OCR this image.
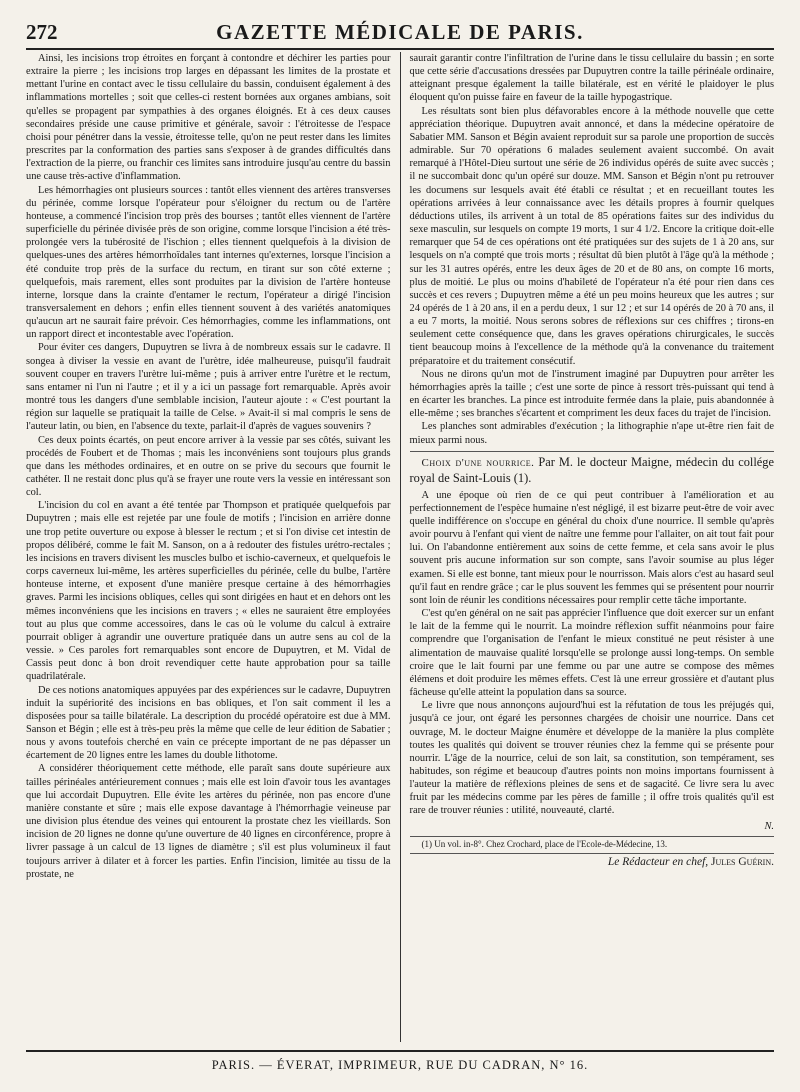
272	GAZETTE MÉDICALE DE PARIS.

Ainsi, les incisions trop étroites en forçant à contondre et déchirer les parties pour extraire la pierre ; les incisions trop larges en dépassant les limites de la prostate et mettant l'urine en contact avec le tissu cellulaire du bassin, conduisent également à des inflammations mortelles ; soit que celles-ci restent bornées aux organes ambians, soit qu'elles se propagent par sympathies à des organes éloignés. Et à ces deux causes secondaires préside une cause primitive et générale, savoir : l'étroitesse de l'espace choisi pour pénétrer dans la vessie, étroitesse telle, qu'on ne peut rester dans les limites prescrites par la conformation des parties sans s'exposer à de grandes difficultés dans l'extraction de la pierre, ou franchir ces limites sans introduire jusqu'au centre du bassin une cause très-active d'inflammation.

Les hémorrhagies ont plusieurs sources : tantôt elles viennent des artères transverses du périnée, comme lorsque l'opérateur pour s'éloigner du rectum ou de l'artère honteuse, a commencé l'incision trop près des bourses ; tantôt elles viennent de l'artère superficielle du périnée divisée près de son origine, comme lorsque l'incision a été très-prolongée vers la tubérosité de l'ischion ; elles tiennent quelquefois à la division de quelques-unes des artères hémorrhoïdales tant internes qu'externes, lorsque l'incision a été conduite trop près de la surface du rectum, en tirant sur son côté externe ; quelquefois, mais rarement, elles sont produites par la division de l'artère honteuse interne, lorsque dans la crainte d'entamer le rectum, l'opérateur a dirigé l'incision transversalement en dehors ; enfin elles tiennent souvent à des variétés anatomiques qu'aucun art ne saurait faire prévoir. Ces hémorrhagies, comme les inflammations, ont un rapport direct et incontestable avec l'opération.

Pour éviter ces dangers, Dupuytren se livra à de nombreux essais sur le cadavre. Il songea à diviser la vessie en avant de l'urètre, idée malheureuse, puisqu'il faudrait souvent couper en travers l'urètre lui-même ; puis à arriver entre l'urètre et le rectum, sans entamer ni l'un ni l'autre ; et il y a ici un passage fort remarquable. Après avoir montré tous les dangers d'une semblable incision, l'auteur ajoute : « C'est pourtant la région sur laquelle se pratiquait la taille de Celse. » Avait-il si mal compris le sens de l'auteur latin, ou bien, en l'absence du texte, parlait-il d'après de vagues souvenirs ?

Ces deux points écartés, on peut encore arriver à la vessie par ses côtés, suivant les procédés de Foubert et de Thomas ; mais les inconvéniens sont toujours plus grands que dans les méthodes ordinaires, et en outre on se prive du secours que fournit le cathéter. Il ne restait donc plus qu'à se frayer une route vers la vessie en intéressant son col.

L'incision du col en avant a été tentée par Thompson et pratiquée quelquefois par Dupuytren ; mais elle est rejetée par une foule de motifs ; l'incision en arrière donne une trop petite ouverture ou expose à blesser le rectum ; et si l'on divise cet intestin de propos délibéré, comme le fait M. Sanson, on a à redouter des fistules urétro-rectales ; les incisions en travers divisent les muscles bulbo et ischio-caverneux, et quelquefois le corps caverneux lui-même, les artères superficielles du périnée, celle du bulbe, l'artère honteuse interne, et exposent d'une manière presque certaine à des hémorrhagies graves. Parmi les incisions obliques, celles qui sont dirigées en haut et en dehors ont les mêmes inconvéniens que les incisions en travers ; « elles ne sauraient être employées tout au plus que comme accessoires, dans le cas où le volume du calcul à extraire pourrait obliger à agrandir une ouverture pratiquée dans un autre sens au col de la vessie. » Ces paroles fort remarquables sont encore de Dupuytren, et M. Vidal de Cassis peut donc à bon droit revendiquer cette haute approbation pour sa taille quadrilatérale.

De ces notions anatomiques appuyées par des expériences sur le cadavre, Dupuytren induit la supériorité des incisions en bas obliques, et l'on sait comment il les a disposées pour sa taille bilatérale. La description du procédé opératoire est due à MM. Sanson et Bégin ; elle est à très-peu près la même que celle de leur édition de Sabatier ; nous y avons toutefois cherché en vain ce précepte important de ne pas dépasser un écartement de 20 lignes entre les lames du double lithotome.

A considérer théoriquement cette méthode, elle paraît sans doute supérieure aux tailles périnéales antérieurement connues ; mais elle est loin d'avoir tous les avantages que lui accordait Dupuytren. Elle évite les artères du périnée, non pas encore d'une manière constante et sûre ; mais elle expose davantage à l'hémorrhagie veineuse par une division plus étendue des veines qui entourent la prostate chez les vieillards. Son incision de 20 lignes ne donne qu'une ouverture de 40 lignes en circonférence, propre à livrer passage à un calcul de 13 lignes de diamètre ; s'il est plus volumineux il faut toujours arriver à dilater et à forcer les parties. Enfin l'incision, limitée au tissu de la prostate, ne

saurait garantir contre l'infiltration de l'urine dans le tissu cellulaire du bassin ; en sorte que cette série d'accusations dressées par Dupuytren contre la taille périnéale ordinaire, atteignant presque également la taille bilatérale, est en vérité le plaidoyer le plus éloquent qu'on puisse faire en faveur de la taille hypogastrique.

Les résultats sont bien plus défavorables encore à la méthode nouvelle que cette appréciation théorique. Dupuytren avait annoncé, et dans la médecine opératoire de Sabatier MM. Sanson et Bégin avaient reproduit sur sa parole une proportion de succès admirable. Sur 70 opérations 6 malades seulement avaient succombé. On avait remarqué à l'Hôtel-Dieu surtout une série de 26 individus opérés de suite avec succès ; il ne succombait donc qu'un opéré sur douze. MM. Sanson et Bégin n'ont pu retrouver les documens sur lesquels avait été établi ce résultat ; et en recueillant toutes les opérations arrivées à leur connaissance avec les détails propres à fournir quelques déductions utiles, ils arrivent à un total de 85 opérations faites sur des individus du sexe masculin, sur lesquels on compte 19 morts, 1 sur 4 1/2. Encore la critique doit-elle remarquer que 54 de ces opérations ont été pratiquées sur des sujets de 1 à 20 ans, sur lesquels on n'a compté que trois morts ; résultat dû bien plutôt à l'âge qu'à la méthode ; sur les 31 autres opérés, entre les deux âges de 20 et de 80 ans, on compte 16 morts, plus de moitié. Le plus ou moins d'habileté de l'opérateur n'a été pour rien dans ces succès et ces revers ; Dupuytren même a été un peu moins heureux que les autres ; sur 24 opérés de 1 à 20 ans, il en a perdu deux, 1 sur 12 ; et sur 14 opérés de 20 à 70 ans, il a eu 7 morts, la moitié. Nous serons sobres de réflexions sur ces chiffres ; tirons-en seulement cette conséquence que, dans les graves opérations chirurgicales, le succès tient beaucoup moins à l'excellence de la méthode qu'à la convenance du traitement préparatoire et du traitement consécutif.

Nous ne dirons qu'un mot de l'instrument imaginé par Dupuytren pour arrêter les hémorrhagies après la taille ; c'est une sorte de pince à ressort très-puissant qui tend à en écarter les branches. La pince est introduite fermée dans la plaie, puis abandonnée à elle-même ; ses branches s'écartent et compriment les deux faces du trajet de l'incision.

Les planches sont admirables d'exécution ; la lithographie n'ape ut-être rien fait de mieux parmi nous.

Choix d'une nourrice. Par M. le docteur Maigne, médecin du collége royal de Saint-Louis (1).

A une époque où rien de ce qui peut contribuer à l'amélioration et au perfectionnement de l'espèce humaine n'est négligé, il est bizarre peut-être de voir avec quelle indifférence on s'occupe en général du choix d'une nourrice. Il semble qu'après avoir pourvu à l'enfant qui vient de naître une femme pour l'allaiter, on ait tout fait pour lui. On l'abandonne entièrement aux soins de cette femme, et cela sans avoir le plus souvent pris aucune information sur son compte, sans l'avoir soumise au plus léger examen. Si elle est bonne, tant mieux pour le nourrisson. Mais alors c'est au hasard seul qu'il faut en rendre grâce ; car le plus souvent les femmes qui se présentent pour nourrir sont loin de réunir les conditions nécessaires pour remplir cette tâche importante.

C'est qu'en général on ne sait pas apprécier l'influence que doit exercer sur un enfant le lait de la femme qui le nourrit. La moindre réflexion suffit néanmoins pour faire comprendre que l'organisation de l'enfant le mieux constitué ne peut résister à une alimentation de mauvaise qualité lorsqu'elle se prolonge aussi long-temps. On semble croire que le lait fourni par une femme ou par une autre se compose des mêmes élémens et doit produire les mêmes effets. C'est là une erreur grossière et d'autant plus fâcheuse qu'elle atteint la population dans sa source.

Le livre que nous annonçons aujourd'hui est la réfutation de tous les préjugés qui, jusqu'à ce jour, ont égaré les personnes chargées de choisir une nourrice. Dans cet ouvrage, M. le docteur Maigne énumère et développe de la manière la plus complète toutes les qualités qui doivent se trouver réunies chez la femme qui se présente pour nourrir. L'âge de la nourrice, celui de son lait, sa constitution, son tempérament, ses habitudes, son régime et beaucoup d'autres points non moins importans fournissent à l'auteur la matière de réflexions pleines de sens et de sagacité. Ce livre sera lu avec fruit par les médecins comme par les pères de famille ; il offre trois qualités qu'il est rare de trouver réunies : utilité, nouveauté, clarté.

N.

(1) Un vol. in-8°. Chez Crochard, place de l'Ecole-de-Médecine, 13.

Le Rédacteur en chef, Jules Guérin.
PARIS. — ÉVERAT, IMPRIMEUR, RUE DU CADRAN, N° 16.
